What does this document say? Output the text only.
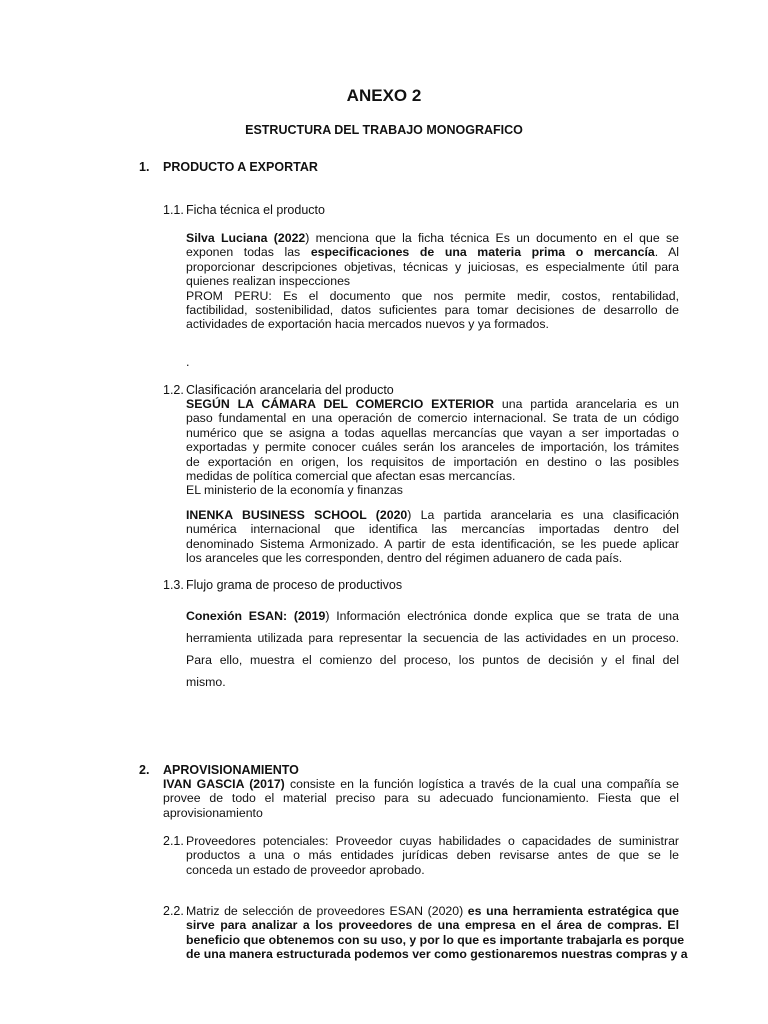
ANEXO 2
ESTRUCTURA DEL TRABAJO MONOGRAFICO
1. PRODUCTO A EXPORTAR
1.1. Ficha técnica el producto
Silva Luciana (2022) menciona que la ficha técnica Es un documento en el que se
exponen todas las especificaciones de una materia prima o mercancía. Al
proporcionar descripciones objetivas, técnicas y juiciosas, es especialmente útil para
quienes realizan inspecciones
PROM PERU: Es el documento que nos permite medir, costos, rentabilidad,
factibilidad, sostenibilidad, datos suficientes para tomar decisiones de desarrollo de
actividades de exportación hacia mercados nuevos y ya formados.
.
1.2. Clasificación arancelaria del producto
SEGÚN LA CÁMARA DEL COMERCIO EXTERIOR una partida arancelaria es un
paso fundamental en una operación de comercio internacional. Se trata de un código
numérico que se asigna a todas aquellas mercancías que vayan a ser importadas o
exportadas y permite conocer cuáles serán los aranceles de importación, los trámites
de exportación en origen, los requisitos de importación en destino o las posibles
medidas de política comercial que afectan esas mercancías.
EL ministerio de la economía y finanzas
INENKA BUSINESS SCHOOL (2020) La partida arancelaria es una clasificación
numérica internacional que identifica las mercancías importadas dentro del
denominado Sistema Armonizado. A partir de esta identificación, se les puede aplicar
los aranceles que les corresponden, dentro del régimen aduanero de cada país.
1.3. Flujo grama de proceso de productivos
Conexión ESAN: (2019) Información electrónica donde explica que se trata de una
herramienta utilizada para representar la secuencia de las actividades en un proceso.
Para ello, muestra el comienzo del proceso, los puntos de decisión y el final del
mismo.
2. APROVISIONAMIENTO
IVAN GASCIA (2017) consiste en la función logística a través de la cual una compañía se
provee de todo el material preciso para su adecuado funcionamiento. Fiesta que el
aprovisionamiento
2.1. Proveedores potenciales: Proveedor cuyas habilidades o capacidades de suministrar
productos a una o más entidades jurídicas deben revisarse antes de que se le
conceda un estado de proveedor aprobado.
2.2. Matriz de selección de proveedores ESAN (2020) es una herramienta estratégica que
sirve para analizar a los proveedores de una empresa en el área de compras. El
beneficio que obtenemos con su uso, y por lo que es importante trabajarla es porque
de una manera estructurada podemos ver como gestionaremos nuestras compras y a
